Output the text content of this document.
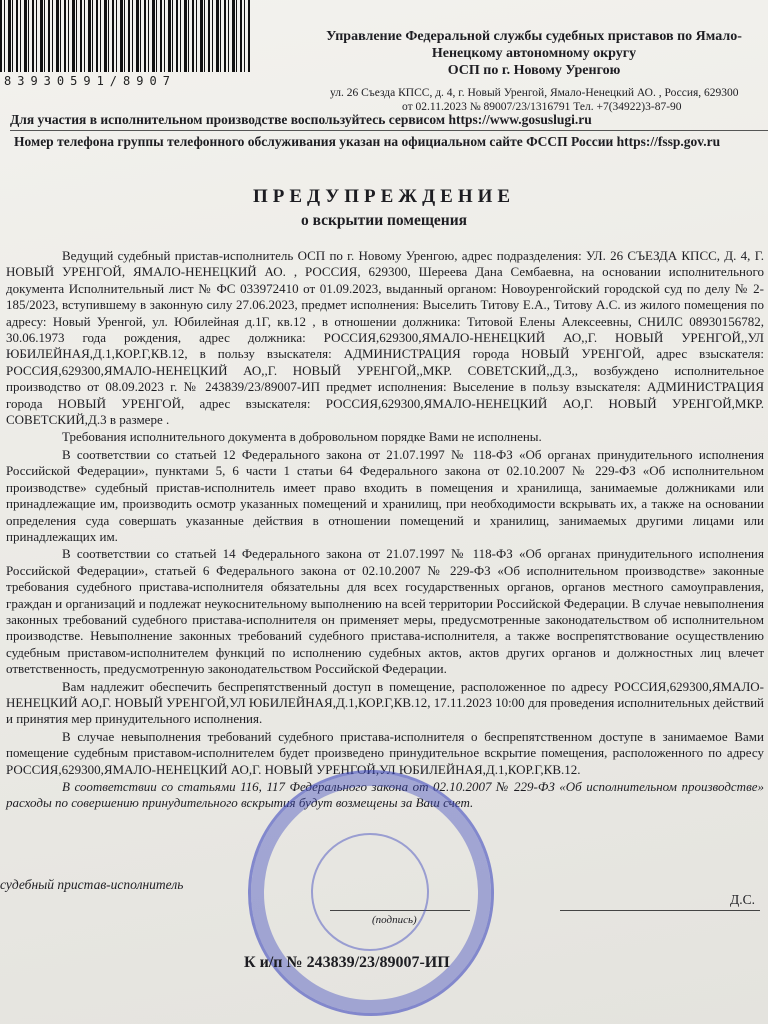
83930591/8907
Управление Федеральной службы судебных приставов по Ямало-
Ненецкому автономному округу
ОСП по г. Новому Уренгою
ул. 26 Съезда КПСС, д. 4, г. Новый Уренгой, Ямало-Ненецкий АО. , Россия, 629300
от 02.11.2023 № 89007/23/1316791 Тел. +7(34922)3-87-90
Для участия в исполнительном производстве воспользуйтесь сервисом https://www.gosuslugi.ru
Номер телефона группы телефонного обслуживания указан на официальном сайте ФССП России https://fssp.gov.ru
ПРЕДУПРЕЖДЕНИЕ
о вскрытии помещения

Ведущий судебный пристав-исполнитель ОСП по г. Новому Уренгою, адрес подразделения: УЛ. 26 СЪЕЗДА КПСС, Д. 4, Г. НОВЫЙ УРЕНГОЙ, ЯМАЛО-НЕНЕЦКИЙ АО. , РОССИЯ, 629300, Шереева Дана Сембаевна, на основании исполнительного документа Исполнительный лист № ФС 033972410 от 01.09.2023, выданный органом: Новоуренгойский городской суд по делу № 2-185/2023, вступившему в законную силу 27.06.2023, предмет исполнения: Выселить Титову Е.А., Титову А.С. из жилого помещения по адресу: Новый Уренгой, ул. Юбилейная д.1Г, кв.12 , в отношении должника: Титовой Елены Алексеевны, СНИЛС 08930156782, 30.06.1973 года рождения, адрес должника: РОССИЯ,629300,ЯМАЛО-НЕНЕЦКИЙ АО,,Г. НОВЫЙ УРЕНГОЙ,,УЛ ЮБИЛЕЙНАЯ,Д.1,КОР.Г,КВ.12, в пользу взыскателя: АДМИНИСТРАЦИЯ города НОВЫЙ УРЕНГОЙ, адрес взыскателя: РОССИЯ,629300,ЯМАЛО-НЕНЕЦКИЙ АО,,Г. НОВЫЙ УРЕНГОЙ,,МКР. СОВЕТСКИЙ,,Д.3,, возбуждено исполнительное производство от 08.09.2023 г. № 243839/23/89007-ИП предмет исполнения: Выселение в пользу взыскателя: АДМИНИСТРАЦИЯ города НОВЫЙ УРЕНГОЙ, адрес взыскателя: РОССИЯ,629300,ЯМАЛО-НЕНЕЦКИЙ АО,Г. НОВЫЙ УРЕНГОЙ,МКР. СОВЕТСКИЙ,Д.3 в размере .

Требования исполнительного документа в добровольном порядке Вами не исполнены.

В соответствии со статьей 12 Федерального закона от 21.07.1997 № 118-ФЗ «Об органах принудительного исполнения Российской Федерации», пунктами 5, 6 части 1 статьи 64 Федерального закона от 02.10.2007 № 229-ФЗ «Об исполнительном производстве» судебный пристав-исполнитель имеет право входить в помещения и хранилища, занимаемые должниками или принадлежащие им, производить осмотр указанных помещений и хранилищ, при необходимости вскрывать их, а также на основании определения суда совершать указанные действия в отношении помещений и хранилищ, занимаемых другими лицами или принадлежащих им.

В соответствии со статьей 14 Федерального закона от 21.07.1997 № 118-ФЗ «Об органах принудительного исполнения Российской Федерации», статьей 6 Федерального закона от 02.10.2007 № 229-ФЗ «Об исполнительном производстве» законные требования судебного пристава-исполнителя обязательны для всех государственных органов, органов местного самоуправления, граждан и организаций и подлежат неукоснительному выполнению на всей территории Российской Федерации. В случае невыполнения законных требований судебного пристава-исполнителя он применяет меры, предусмотренные законодательством об исполнительном производстве. Невыполнение законных требований судебного пристава-исполнителя, а также воспрепятствование осуществлению судебным приставом-исполнителем функций по исполнению судебных актов, актов других органов и должностных лиц влечет ответственность, предусмотренную законодательством Российской Федерации.

Вам надлежит обеспечить беспрепятственный доступ в помещение, расположенное по адресу РОССИЯ,629300,ЯМАЛО-НЕНЕЦКИЙ АО,Г. НОВЫЙ УРЕНГОЙ,УЛ ЮБИЛЕЙНАЯ,Д.1,КОР.Г,КВ.12, 17.11.2023 10:00 для проведения исполнительных действий и принятия мер принудительного исполнения.

В случае невыполнения требований судебного пристава-исполнителя о беспрепятственном доступе в занимаемое Вами помещение судебным приставом-исполнителем будет произведено принудительное вскрытие помещения, расположенного по адресу РОССИЯ,629300,ЯМАЛО-НЕНЕЦКИЙ АО,Г. НОВЫЙ УРЕНГОЙ,УЛ ЮБИЛЕЙНАЯ,Д.1,КОР.Г,КВ.12.

В соответствии со статьями 116, 117 Федерального закона от 02.10.2007 № 229-ФЗ «Об исполнительном производстве» расходы по совершению принудительного вскрытия будут возмещены за Ваш счет.

судебный пристав-исполнитель
(подпись)
Д.С.
К и/п № 243839/23/89007-ИП
